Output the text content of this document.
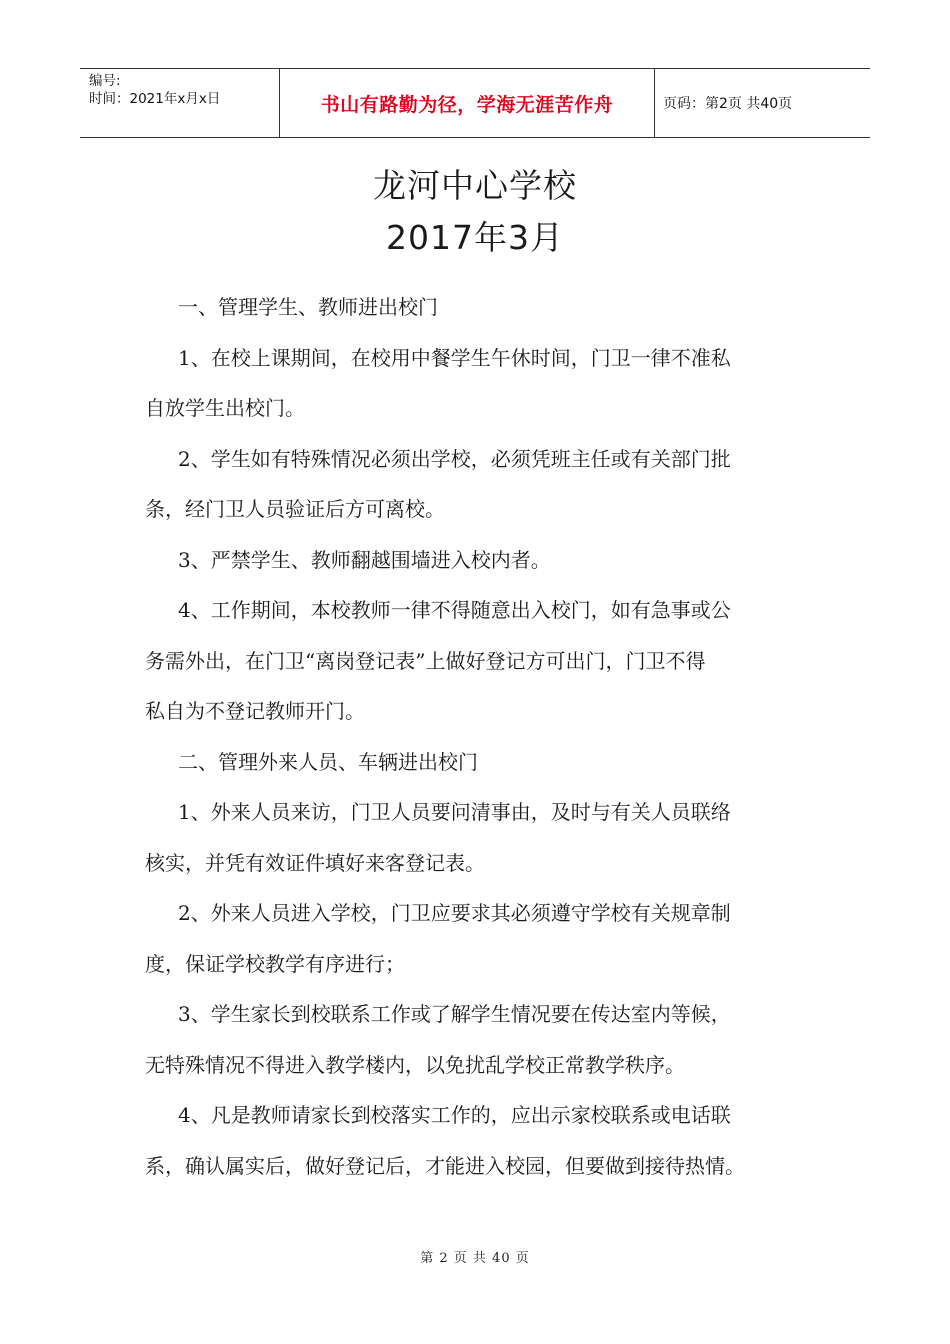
编号:
时间：2021年x月x日	书山有路勤为径，学海无涯苦作舟	页码：第2页 共40页
龙河中心学校
2017年3月
一、管理学生、教师进出校门
1、在校上课期间，在校用中餐学生午休时间，门卫一律不准私
自放学生出校门。
2、学生如有特殊情况必须出学校，必须凭班主任或有关部门批
条，经门卫人员验证后方可离校。
3、严禁学生、教师翻越围墙进入校内者。
4、工作期间，本校教师一律不得随意出入校门，如有急事或公
务需外出，在门卫“离岗登记表”上做好登记方可出门，门卫不得
私自为不登记教师开门。
二、管理外来人员、车辆进出校门
1、外来人员来访，门卫人员要问清事由，及时与有关人员联络
核实，并凭有效证件填好来客登记表。
2、外来人员进入学校，门卫应要求其必须遵守学校有关规章制
度，保证学校教学有序进行；
3、学生家长到校联系工作或了解学生情况要在传达室内等候，
无特殊情况不得进入教学楼内，以免扰乱学校正常教学秩序。
4、凡是教师请家长到校落实工作的，应出示家校联系或电话联
系，确认属实后，做好登记后，才能进入校园，但要做到接待热情。
第 2 页 共 40 页
